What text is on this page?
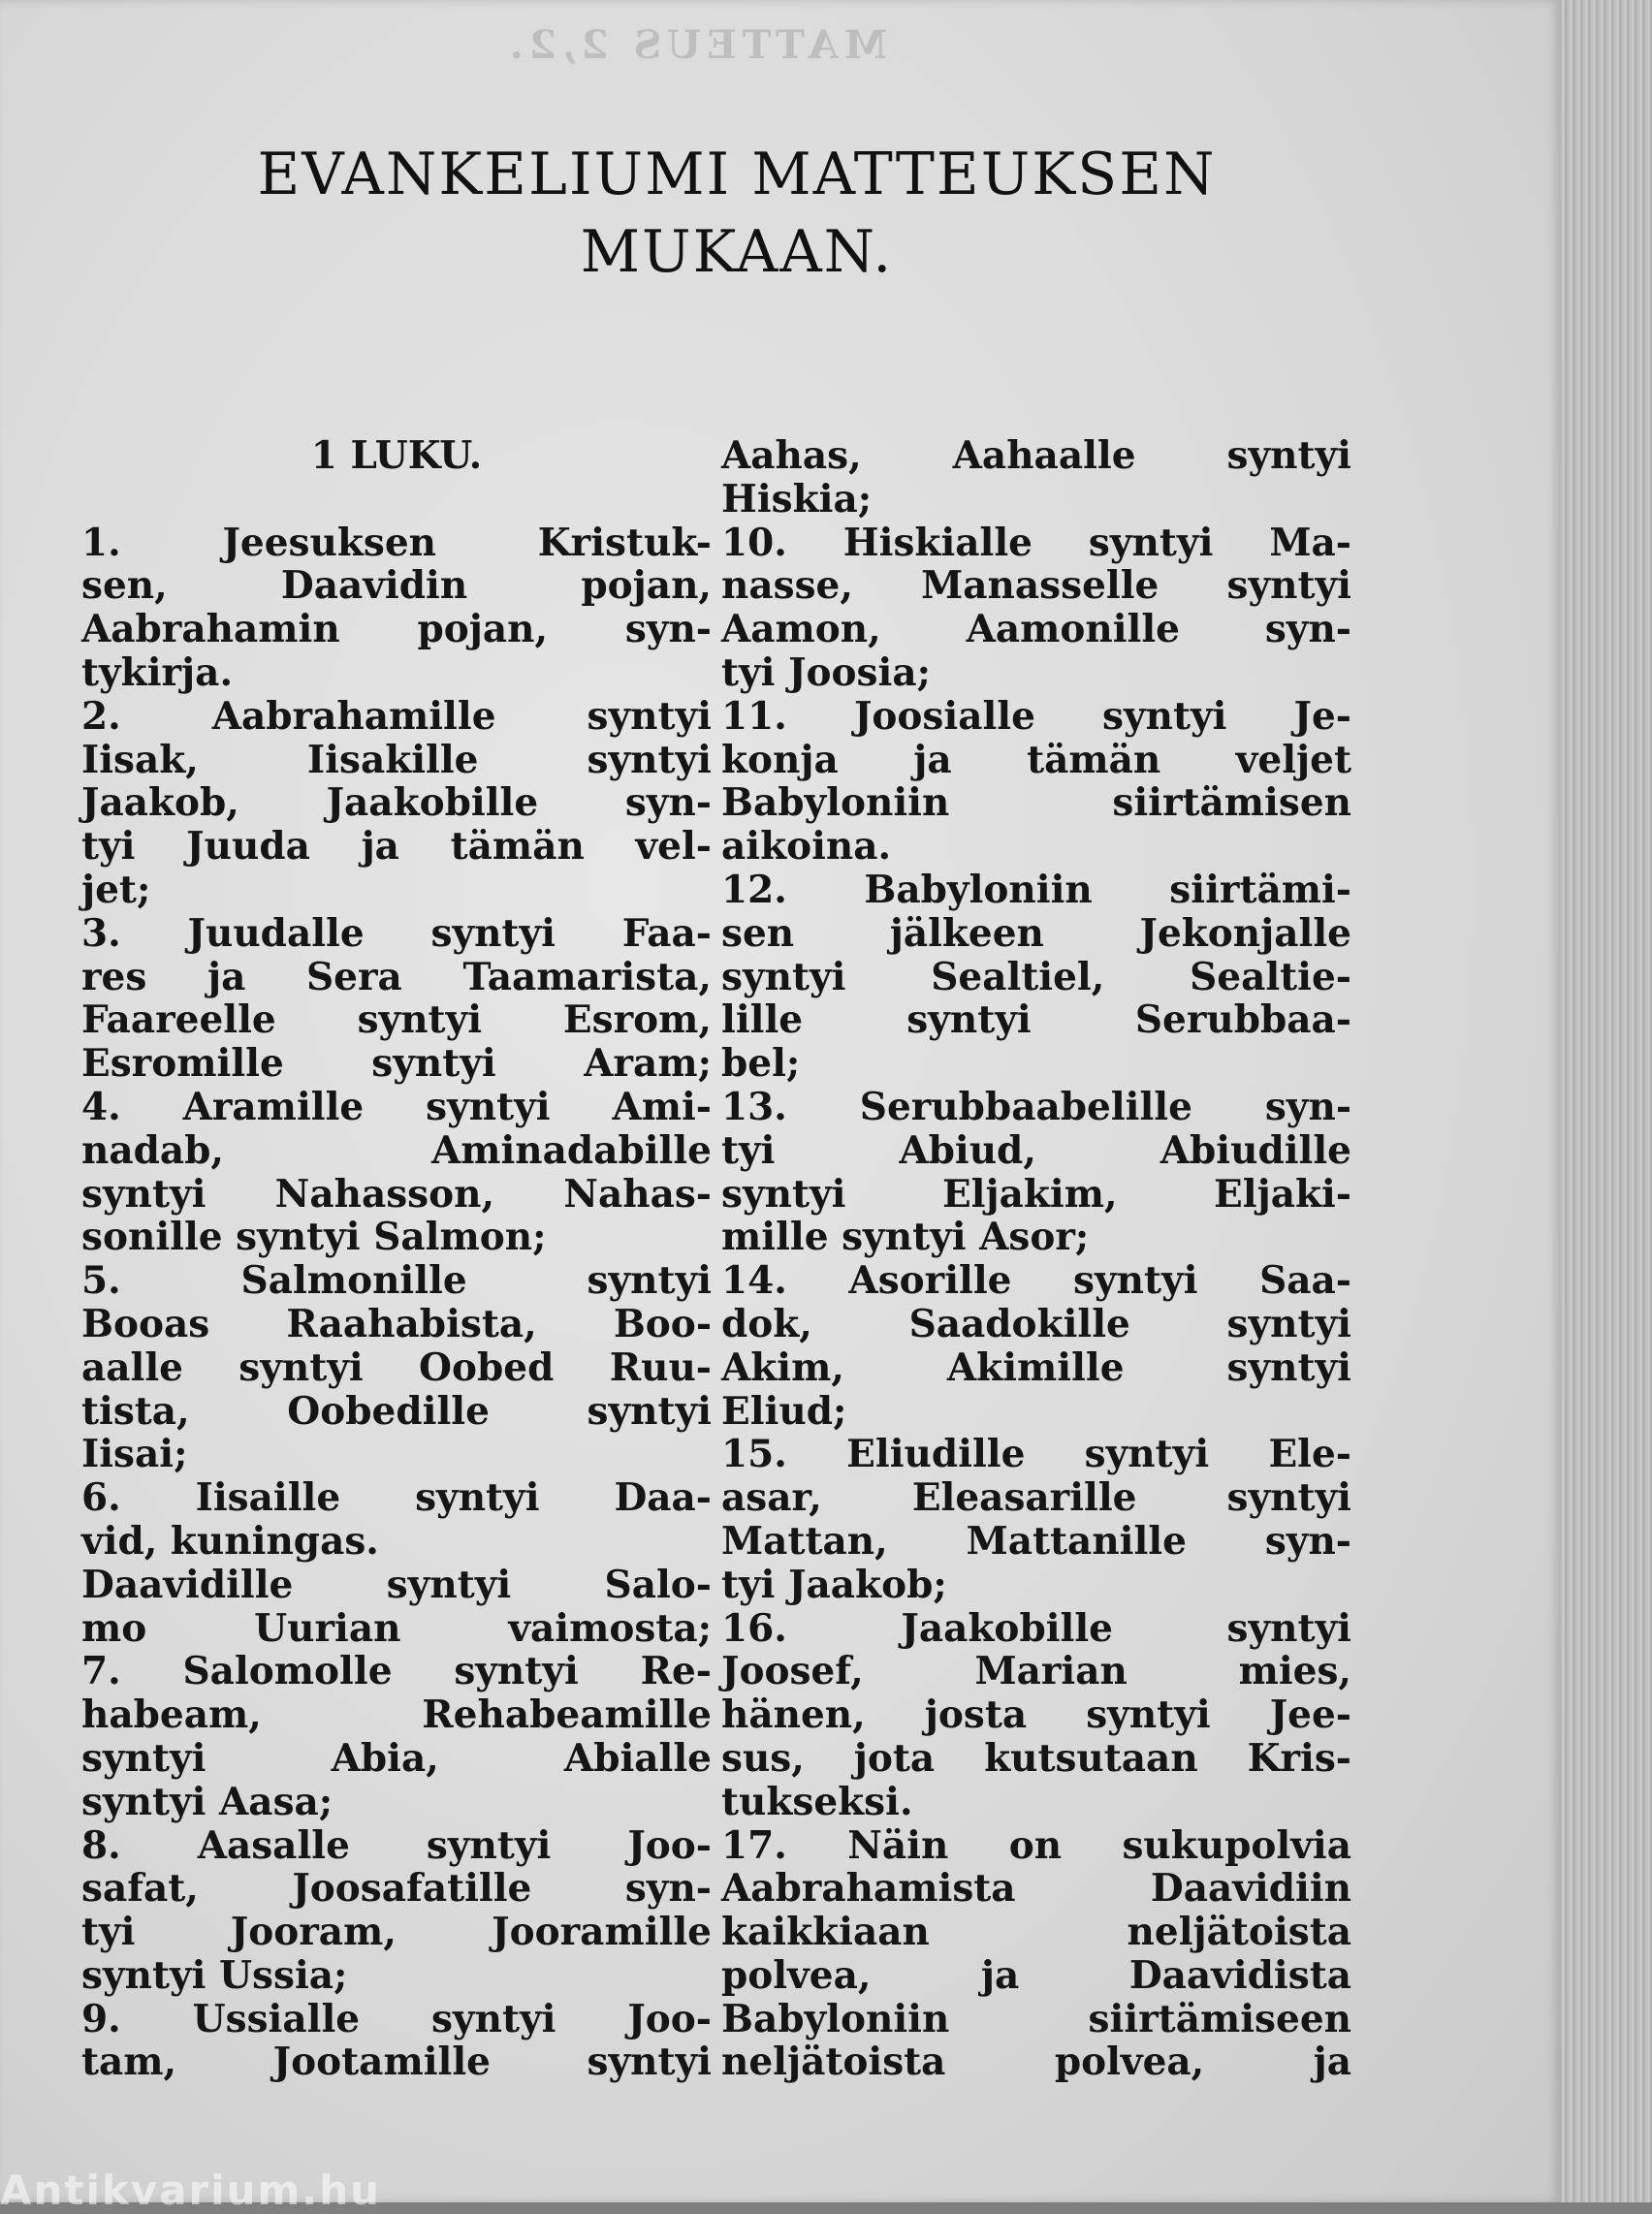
MATTEUS 2,2.
EVANKELIUMI MATTEUKSEN
MUKAAN.
1 LUKU.

1. Jeesuksen Kristuk-
sen, Daavidin pojan,
Aabrahamin pojan, syn-
tykirja.
2. Aabrahamille syntyi
Iisak, Iisakille syntyi
Jaakob, Jaakobille syn-
tyi Juuda ja tämän vel-
jet;
3. Juudalle syntyi Faa-
res ja Sera Taamarista,
Faareelle syntyi Esrom,
Esromille syntyi Aram;
4. Aramille syntyi Ami-
nadab, Aminadabille
syntyi Nahasson, Nahas-
sonille syntyi Salmon;
5. Salmonille syntyi
Booas Raahabista, Boo-
aalle syntyi Oobed Ruu-
tista, Oobedille syntyi
Iisai;
6. Iisaille syntyi Daa-
vid, kuningas.
Daavidille syntyi Salo-
mo Uurian vaimosta;
7. Salomolle syntyi Re-
habeam, Rehabeamille
syntyi Abia, Abialle
syntyi Aasa;
8. Aasalle syntyi Joo-
safat, Joosafatille syn-
tyi Jooram, Jooramille
syntyi Ussia;
9. Ussialle syntyi Joo-
tam, Jootamille syntyi
Aahas, Aahaalle syntyi
Hiskia;
10. Hiskialle syntyi Ma-
nasse, Manasselle syntyi
Aamon, Aamonille syn-
tyi Joosia;
11. Joosialle syntyi Je-
konja ja tämän veljet
Babyloniin siirtämisen
aikoina.
12. Babyloniin siirtämi-
sen jälkeen Jekonjalle
syntyi Sealtiel, Sealtie-
lille syntyi Serubbaa-
bel;
13. Serubbaabelille syn-
tyi Abiud, Abiudille
syntyi Eljakim, Eljaki-
mille syntyi Asor;
14. Asorille syntyi Saa-
dok, Saadokille syntyi
Akim, Akimille syntyi
Eliud;
15. Eliudille syntyi Ele-
asar, Eleasarille syntyi
Mattan, Mattanille syn-
tyi Jaakob;
16. Jaakobille syntyi
Joosef, Marian mies,
hänen, josta syntyi Jee-
sus, jota kutsutaan Kris-
tukseksi.
17. Näin on sukupolvia
Aabrahamista Daavidiin
kaikkiaan neljätoista
polvea, ja Daavidista
Babyloniin siirtämiseen
neljätoista polvea, ja
Antikvarium.hu
